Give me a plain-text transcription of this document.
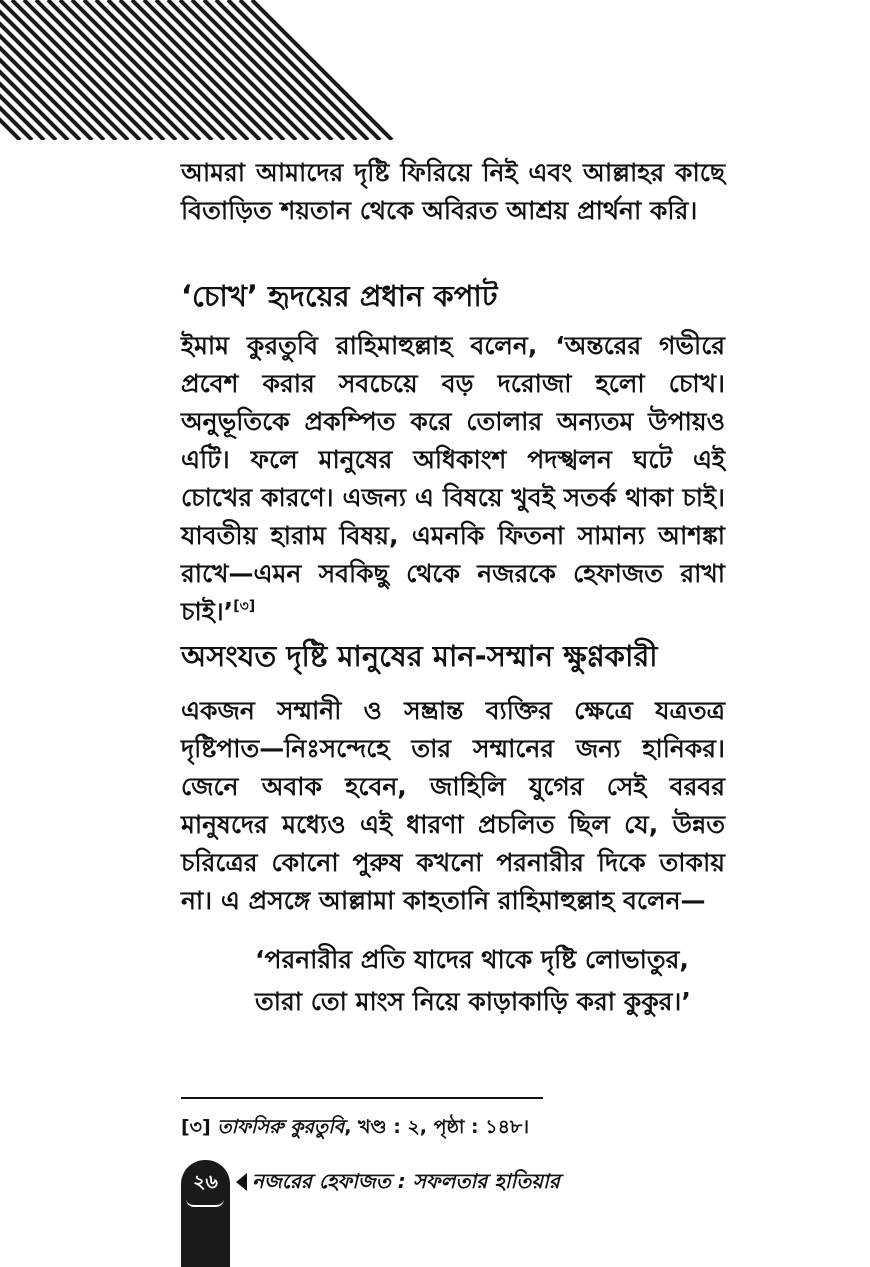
আমরা আমাদের দৃষ্টি ফিরিয়ে নিই এবং আল্লাহর কাছে বিতাড়িত শয়তান থেকে অবিরত আশ্রয় প্রার্থনা করি।

‘চোখ’ হৃদয়ের প্রধান কপাট

ইমাম কুরতুবি রাহিমাহুল্লাহ বলেন, ‘অন্তরের গভীরে প্রবেশ করার সবচেয়ে বড় দরোজা হলো চোখ। অনুভূতিকে প্রকম্পিত করে তোলার অন্যতম উপায়ও এটি। ফলে মানুষের অধিকাংশ পদস্খলন ঘটে এই চোখের কারণে। এজন্য এ বিষয়ে খুবই সতর্ক থাকা চাই। যাবতীয় হারাম বিষয়, এমনকি ফিতনা সামান্য আশঙ্কা রাখে—এমন সবকিছু থেকে নজরকে হেফাজত রাখা চাই।’[৩]

অসংযত দৃষ্টি মানুষের মান-সম্মান ক্ষুণ্ণকারী

একজন সম্মানী ও সম্ভ্রান্ত ব্যক্তির ক্ষেত্রে যত্রতত্র দৃষ্টিপাত—নিঃসন্দেহে তার সম্মানের জন্য হানিকর। জেনে অবাক হবেন, জাহিলি যুগের সেই বরবর মানুষদের মধ্যেও এই ধারণা প্রচলিত ছিল যে, উন্নত চরিত্রের কোনো পুরুষ কখনো পরনারীর দিকে তাকায় না। এ প্রসঙ্গে আল্লামা কাহতানি রাহিমাহুল্লাহ বলেন—

‘পরনারীর প্রতি যাদের থাকে দৃষ্টি লোভাতুর,

তারা তো মাংস নিয়ে কাড়াকাড়ি করা কুকুর।’

[৩] তাফসিরু কুরতুবি, খণ্ড : ২, পৃষ্ঠা : ১৪৮।

২৬	নজরের হেফাজত : সফলতার হাতিয়ার
